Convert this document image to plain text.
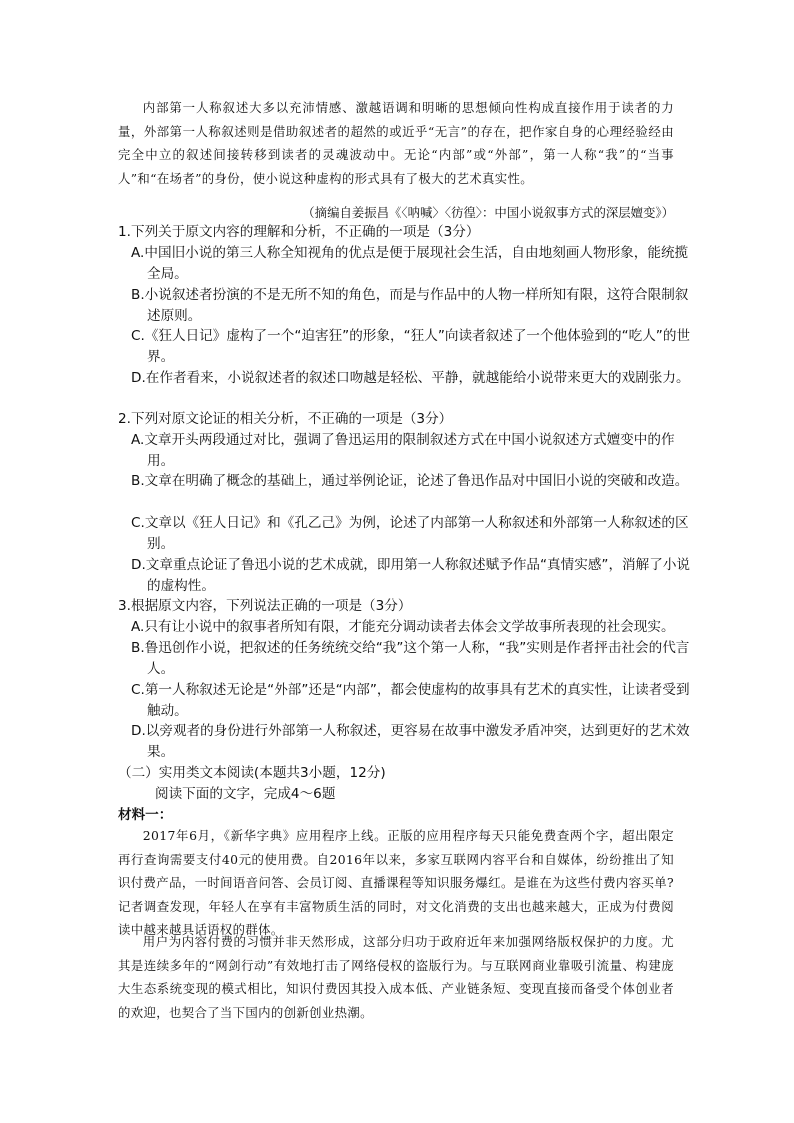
内部第一人称叙述大多以充沛情感、激越语调和明晰的思想倾向性构成直接作用于读者的力量，外部第一人称叙述则是借助叙述者的超然的或近乎“无言”的存在，把作家自身的心理经验经由完全中立的叙述间接转移到读者的灵魂波动中。无论“内部”或“外部”，第一人称“我”的“当事人”和“在场者”的身份，使小说这种虚构的形式具有了极大的艺术真实性。

（摘编自姜振昌《〈呐喊〉〈彷徨〉：中国小说叙事方式的深层嬗变》）

1.下列关于原文内容的理解和分析，不正确的一项是（3分）

A.中国旧小说的第三人称全知视角的优点是便于展现社会生活，自由地刻画人物形象，能统揽全局。

B.小说叙述者扮演的不是无所不知的角色，而是与作品中的人物一样所知有限，这符合限制叙述原则。

C.《狂人日记》虚构了一个“迫害狂”的形象，“狂人”向读者叙述了一个他体验到的“吃人”的世界。

D.在作者看来，小说叙述者的叙述口吻越是轻松、平静，就越能给小说带来更大的戏剧张力。

2.下列对原文论证的相关分析，不正确的一项是（3分）

A.文章开头两段通过对比，强调了鲁迅运用的限制叙述方式在中国小说叙述方式嬗变中的作用。

B.文章在明确了概念的基础上，通过举例论证，论述了鲁迅作品对中国旧小说的突破和改造。

C.文章以《狂人日记》和《孔乙己》为例，论述了内部第一人称叙述和外部第一人称叙述的区别。

D.文章重点论证了鲁迅小说的艺术成就，即用第一人称叙述赋予作品“真情实感”，消解了小说的虚构性。

3.根据原文内容，下列说法正确的一项是（3分）

A.只有让小说中的叙事者所知有限，才能充分调动读者去体会文学故事所表现的社会现实。

B.鲁迅创作小说，把叙述的任务统统交给“我”这个第一人称，“我”实则是作者抨击社会的代言人。

C.第一人称叙述无论是“外部”还是“内部”，都会使虚构的故事具有艺术的真实性，让读者受到触动。

D.以旁观者的身份进行外部第一人称叙述，更容易在故事中激发矛盾冲突，达到更好的艺术效果。

（二）实用类文本阅读(本题共3小题，12分)

阅读下面的文字，完成4～6题

材料一：

2017年6月，《新华字典》应用程序上线。正版的应用程序每天只能免费查两个字，超出限定再行查询需要支付40元的使用费。自2016年以来，多家互联网内容平台和自媒体，纷纷推出了知识付费产品，一时间语音问答、会员订阅、直播课程等知识服务爆红。是谁在为这些付费内容买单?记者调查发现，年轻人在享有丰富物质生活的同时，对文化消费的支出也越来越大，正成为付费阅读中越来越具话语权的群体。

用户为内容付费的习惯并非天然形成，这部分归功于政府近年来加强网络版权保护的力度。尤其是连续多年的“网剑行动”有效地打击了网络侵权的盗版行为。与互联网商业靠吸引流量、构建庞大生态系统变现的模式相比，知识付费因其投入成本低、产业链条短、变现直接而备受个体创业者的欢迎，也契合了当下国内的创新创业热潮。
